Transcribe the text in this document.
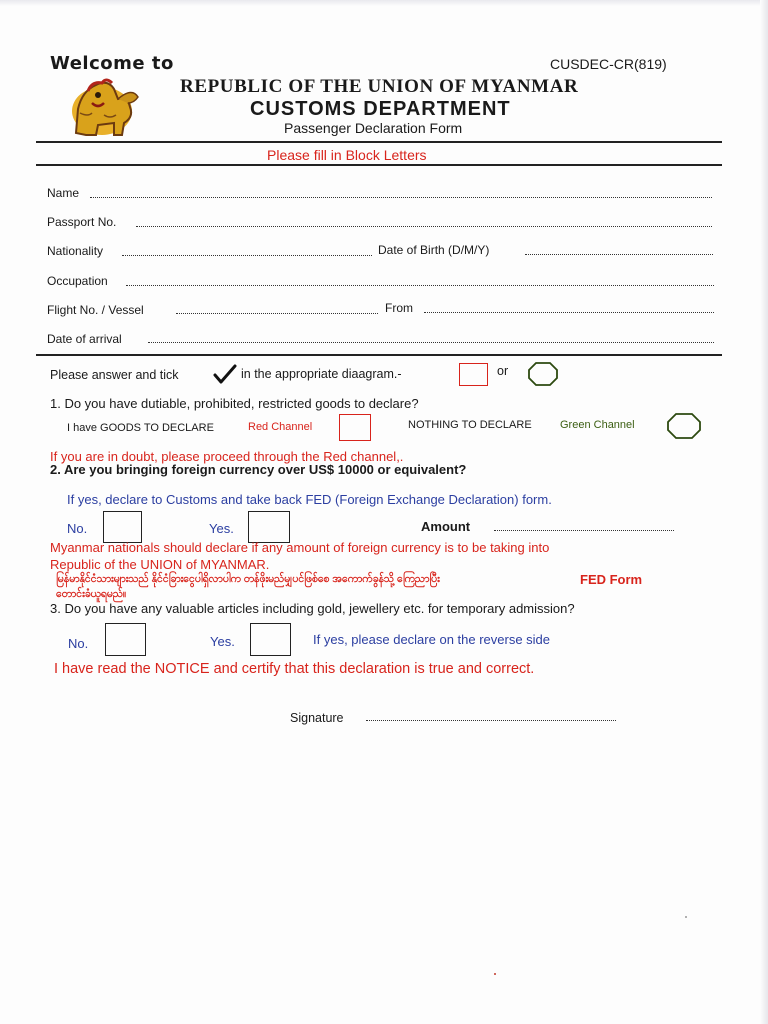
Welcome to	CUSDEC-CR(819)
REPUBLIC OF THE UNION OF MYANMAR
CUSTOMS DEPARTMENT
Passenger Declaration Form
Please fill in Block Letters
Name
Passport No.
Nationality	Date of Birth (D/M/Y)
Occupation
Flight No. / Vessel	From
Date of arrival
Please answer and tick	in the appropriate diaagram.-	or
1. Do you have dutiable, prohibited, restricted goods to declare?
I have GOODS TO DECLARE	Red Channel	NOTHING TO DECLARE	Green Channel
If you are in doubt, please proceed through the Red channel,.
2. Are you bringing foreign currency over US$ 10000 or equivalent?
If yes, declare to Customs and take back FED (Foreign Exchange Declaration) form.
No.	Yes.	Amount
Myanmar nationals should declare if any amount of foreign currency is to be taking into
Republic of the UNION of MYANMAR.
မြန်မာနိုင်ငံသားများသည် နိုင်ငံခြားငွေပါရှိလာပါက တန်ဖိုးမည်မျှပင်ဖြစ်စေ အကောက်ခွန်သို့ ကြေညာပြီး	FED Form
တောင်းခံယူရမည်။
3. Do you have any valuable articles including gold, jewellery etc. for temporary admission?
No.	Yes.	If yes, please declare on the reverse side
I have read the NOTICE and certify that this declaration is true and correct.
Signature
